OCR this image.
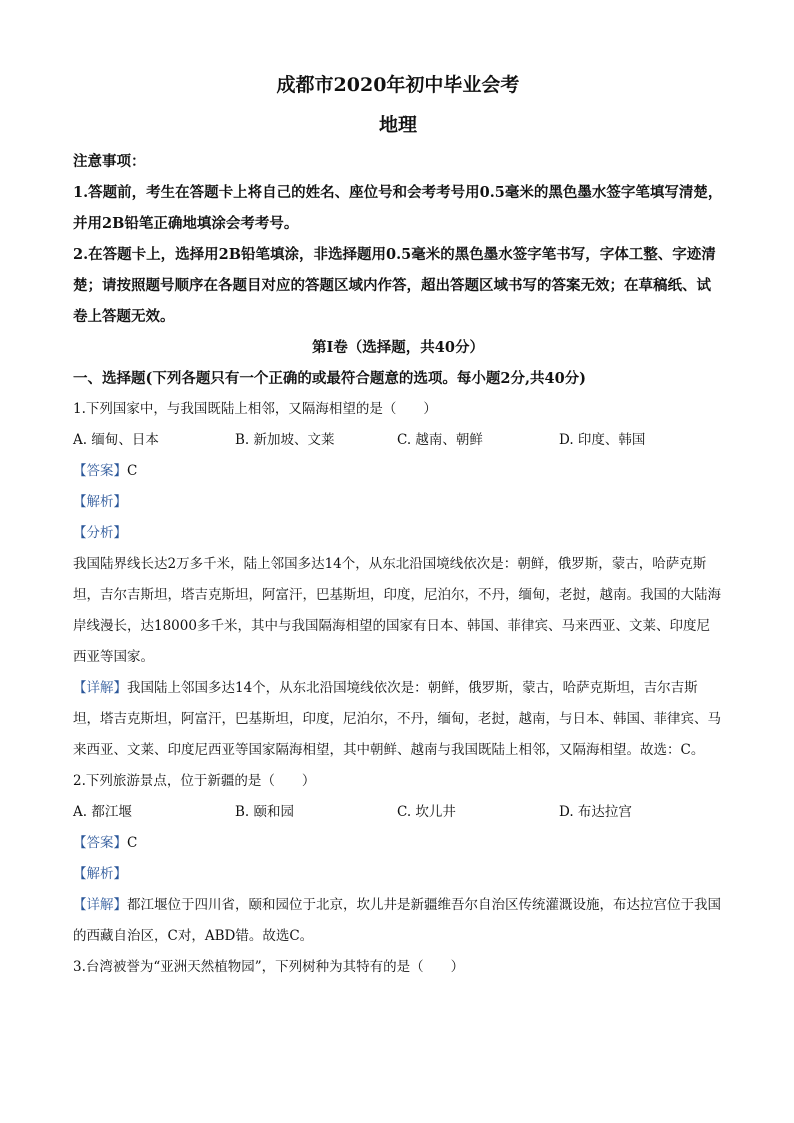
成都市2020年初中毕业会考

地理

注意事项：

1.答题前，考生在答题卡上将自己的姓名、座位号和会考考号用0.5毫米的黑色墨水签字笔填写清楚，并用2B铅笔正确地填涂会考考号。

2.在答题卡上，选择用2B铅笔填涂，非选择题用0.5毫米的黑色墨水签字笔书写，字体工整、字迹清楚；请按照题号顺序在各题目对应的答题区域内作答，超出答题区域书写的答案无效；在草稿纸、试卷上答题无效。

第Ⅰ卷（选择题，共40分）

一、选择题(下列各题只有一个正确的或最符合题意的选项。每小题2分,共40分)

1.下列国家中，与我国既陆上相邻，又隔海相望的是（　　）

A. 缅甸、日本	B. 新加坡、文莱	C. 越南、朝鲜	D. 印度、韩国

【答案】C

【解析】

【分析】

我国陆界线长达2万多千米，陆上邻国多达14个，从东北沿国境线依次是：朝鲜，俄罗斯，蒙古，哈萨克斯坦，吉尔吉斯坦，塔吉克斯坦，阿富汗，巴基斯坦，印度，尼泊尔，不丹，缅甸，老挝，越南。我国的大陆海岸线漫长，达18000多千米，其中与我国隔海相望的国家有日本、韩国、菲律宾、马来西亚、文莱、印度尼西亚等国家。

【详解】我国陆上邻国多达14个，从东北沿国境线依次是：朝鲜，俄罗斯，蒙古，哈萨克斯坦，吉尔吉斯坦，塔吉克斯坦，阿富汗，巴基斯坦，印度，尼泊尔，不丹，缅甸，老挝，越南，与日本、韩国、菲律宾、马来西亚、文莱、印度尼西亚等国家隔海相望，其中朝鲜、越南与我国既陆上相邻，又隔海相望。故选：C。

2.下列旅游景点，位于新疆的是（　　）

A. 都江堰	B. 颐和园	C. 坎儿井	D. 布达拉宫

【答案】C

【解析】

【详解】都江堰位于四川省，颐和园位于北京，坎儿井是新疆维吾尔自治区传统灌溉设施，布达拉宫位于我国的西藏自治区，C对，ABD错。故选C。

3.台湾被誉为“亚洲天然植物园”，下列树种为其特有的是（　　）
